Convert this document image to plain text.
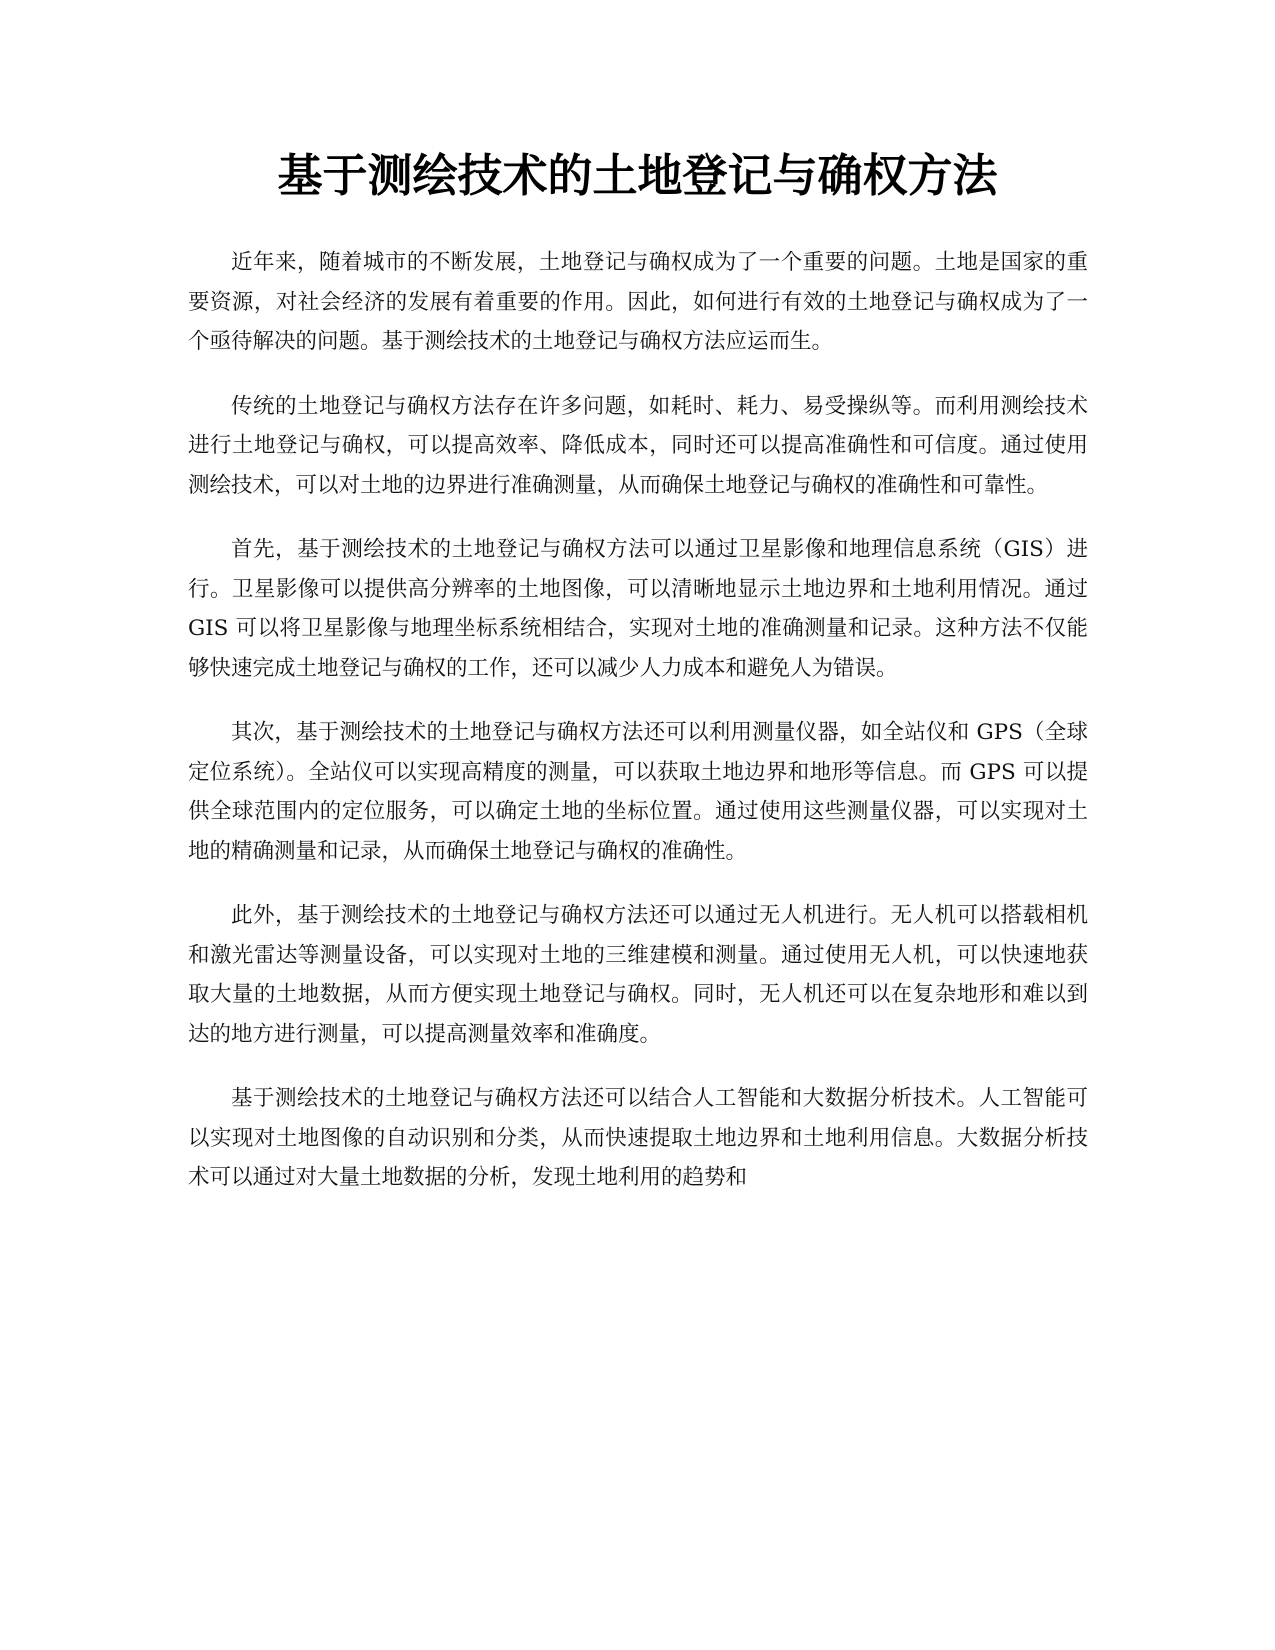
基于测绘技术的土地登记与确权方法

近年来，随着城市的不断发展，土地登记与确权成为了一个重要的问题。土地是国家的重要资源，对社会经济的发展有着重要的作用。因此，如何进行有效的土地登记与确权成为了一个亟待解决的问题。基于测绘技术的土地登记与确权方法应运而生。

传统的土地登记与确权方法存在许多问题，如耗时、耗力、易受操纵等。而利用测绘技术进行土地登记与确权，可以提高效率、降低成本，同时还可以提高准确性和可信度。通过使用测绘技术，可以对土地的边界进行准确测量，从而确保土地登记与确权的准确性和可靠性。

首先，基于测绘技术的土地登记与确权方法可以通过卫星影像和地理信息系统（GIS）进行。卫星影像可以提供高分辨率的土地图像，可以清晰地显示土地边界和土地利用情况。通过 GIS 可以将卫星影像与地理坐标系统相结合，实现对土地的准确测量和记录。这种方法不仅能够快速完成土地登记与确权的工作，还可以减少人力成本和避免人为错误。

其次，基于测绘技术的土地登记与确权方法还可以利用测量仪器，如全站仪和 GPS（全球定位系统）。全站仪可以实现高精度的测量，可以获取土地边界和地形等信息。而 GPS 可以提供全球范围内的定位服务，可以确定土地的坐标位置。通过使用这些测量仪器，可以实现对土地的精确测量和记录，从而确保土地登记与确权的准确性。

此外，基于测绘技术的土地登记与确权方法还可以通过无人机进行。无人机可以搭载相机和激光雷达等测量设备，可以实现对土地的三维建模和测量。通过使用无人机，可以快速地获取大量的土地数据，从而方便实现土地登记与确权。同时，无人机还可以在复杂地形和难以到达的地方进行测量，可以提高测量效率和准确度。

基于测绘技术的土地登记与确权方法还可以结合人工智能和大数据分析技术。人工智能可以实现对土地图像的自动识别和分类，从而快速提取土地边界和土地利用信息。大数据分析技术可以通过对大量土地数据的分析，发现土地利用的趋势和
